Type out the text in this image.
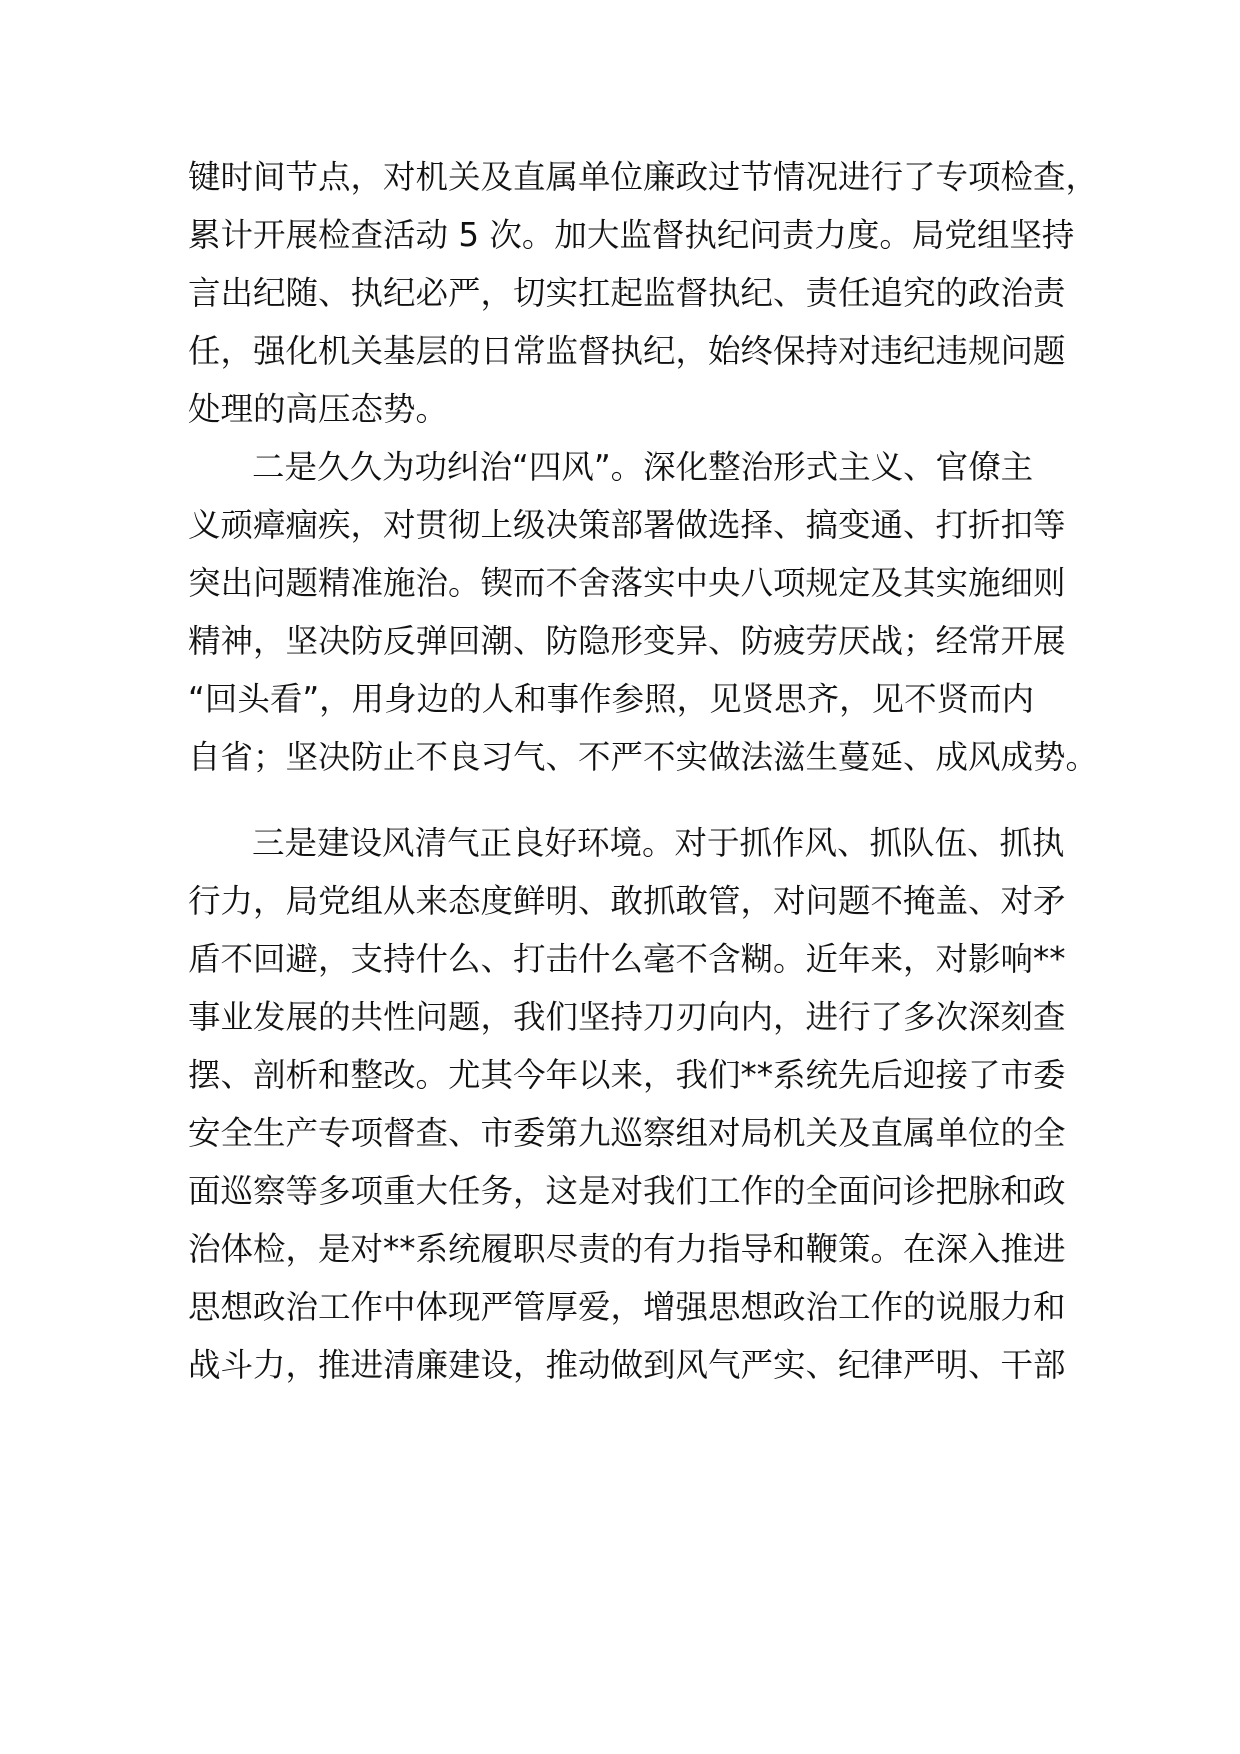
键时间节点，对机关及直属单位廉政过节情况进行了专项检查，

累计开展检查活动 5 次。加大监督执纪问责力度。局党组坚持

言出纪随、执纪必严，切实扛起监督执纪、责任追究的政治责

任，强化机关基层的日常监督执纪，始终保持对违纪违规问题

处理的高压态势。

二是久久为功纠治“四风”。深化整治形式主义、官僚主

义顽瘴痼疾，对贯彻上级决策部署做选择、搞变通、打折扣等

突出问题精准施治。锲而不舍落实中央八项规定及其实施细则

精神，坚决防反弹回潮、防隐形变异、防疲劳厌战；经常开展

“回头看”，用身边的人和事作参照，见贤思齐，见不贤而内

自省；坚决防止不良习气、不严不实做法滋生蔓延、成风成势。

三是建设风清气正良好环境。对于抓作风、抓队伍、抓执

行力，局党组从来态度鲜明、敢抓敢管，对问题不掩盖、对矛

盾不回避，支持什么、打击什么毫不含糊。近年来，对影响**

事业发展的共性问题，我们坚持刀刃向内，进行了多次深刻查

摆、剖析和整改。尤其今年以来，我们**系统先后迎接了市委

安全生产专项督查、市委第九巡察组对局机关及直属单位的全

面巡察等多项重大任务，这是对我们工作的全面问诊把脉和政

治体检，是对**系统履职尽责的有力指导和鞭策。在深入推进

思想政治工作中体现严管厚爱，增强思想政治工作的说服力和

战斗力，推进清廉建设，推动做到风气严实、纪律严明、干部
